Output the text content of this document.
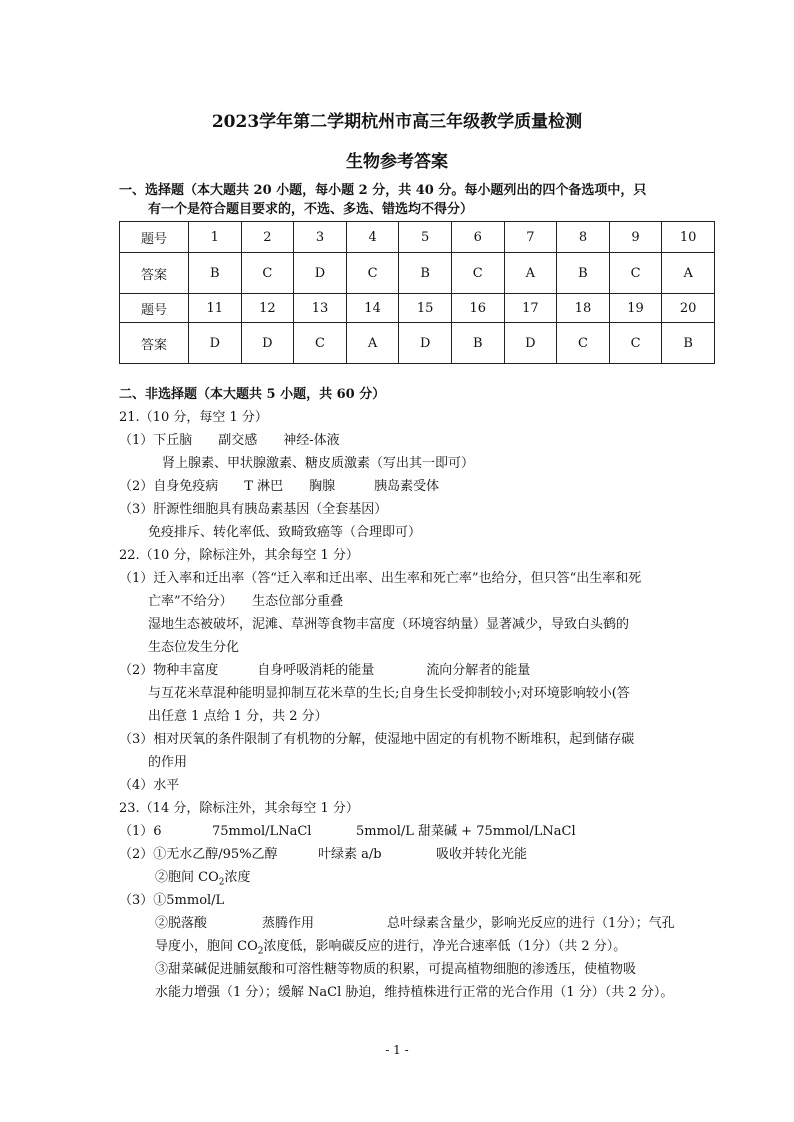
2023学年第二学期杭州市高三年级教学质量检测
生物参考答案
一、选择题（本大题共 20 小题，每小题 2 分，共 40 分。每小题列出的四个备选项中，只
有一个是符合题目要求的，不选、多选、错选均不得分）
题号	1	2	3	4	5	6	7	8	9	10
答案	B	C	D	C	B	C	A	B	C	A
题号	11	12	13	14	15	16	17	18	19	20
答案	D	D	C	A	D	B	D	C	C	B
二、非选择题（本大题共 5 小题，共 60 分）
21.（10 分，每空 1 分）
（1）下丘脑　　副交感　　神经-体液
肾上腺素、甲状腺激素、糖皮质激素（写出其一即可）
（2）自身免疫病　　T 淋巴　　胸腺　　　胰岛素受体
（3）肝源性细胞具有胰岛素基因（全套基因）
免疫排斥、转化率低、致畸致癌等（合理即可）
22.（10 分，除标注外，其余每空 1 分）
（1）迁入率和迁出率（答“迁入率和迁出率、出生率和死亡率”也给分，但只答“出生率和死
亡率”不给分）　　生态位部分重叠
湿地生态被破坏，泥滩、草洲等食物丰富度（环境容纳量）显著减少，导致白头鹤的
生态位发生分化
（2）物种丰富度　　　自身呼吸消耗的能量　　　　流向分解者的能量
与互花米草混种能明显抑制互花米草的生长;自身生长受抑制较小;对环境影响较小(答
出任意 1 点给 1 分，共 2 分）
（3）相对厌氧的条件限制了有机物的分解，使湿地中固定的有机物不断堆积，起到储存碳
的作用
（4）水平
23.（14 分，除标注外，其余每空 1 分）
（1）6	75mmol/LNaCl	5mmol/L 甜菜碱 + 75mmol/LNaCl
（2）①无水乙醇/95%乙醇	叶绿素 a/b	吸收并转化光能
②胞间 $CO_2$浓度
（3）①5mmol/L
②脱落酸	蒸腾作用	总叶绿素含量少，影响光反应的进行（1分）；气孔
导度小，胞间 $CO_2$浓度低，影响碳反应的进行，净光合速率低（1分）（共 2 分）。
③甜菜碱促进脯氨酸和可溶性糖等物质的积累，可提高植物细胞的渗透压，使植物吸
水能力增强（1 分）；缓解 NaCl 胁迫，维持植株进行正常的光合作用（1 分）（共 2 分）。
- 1 -
